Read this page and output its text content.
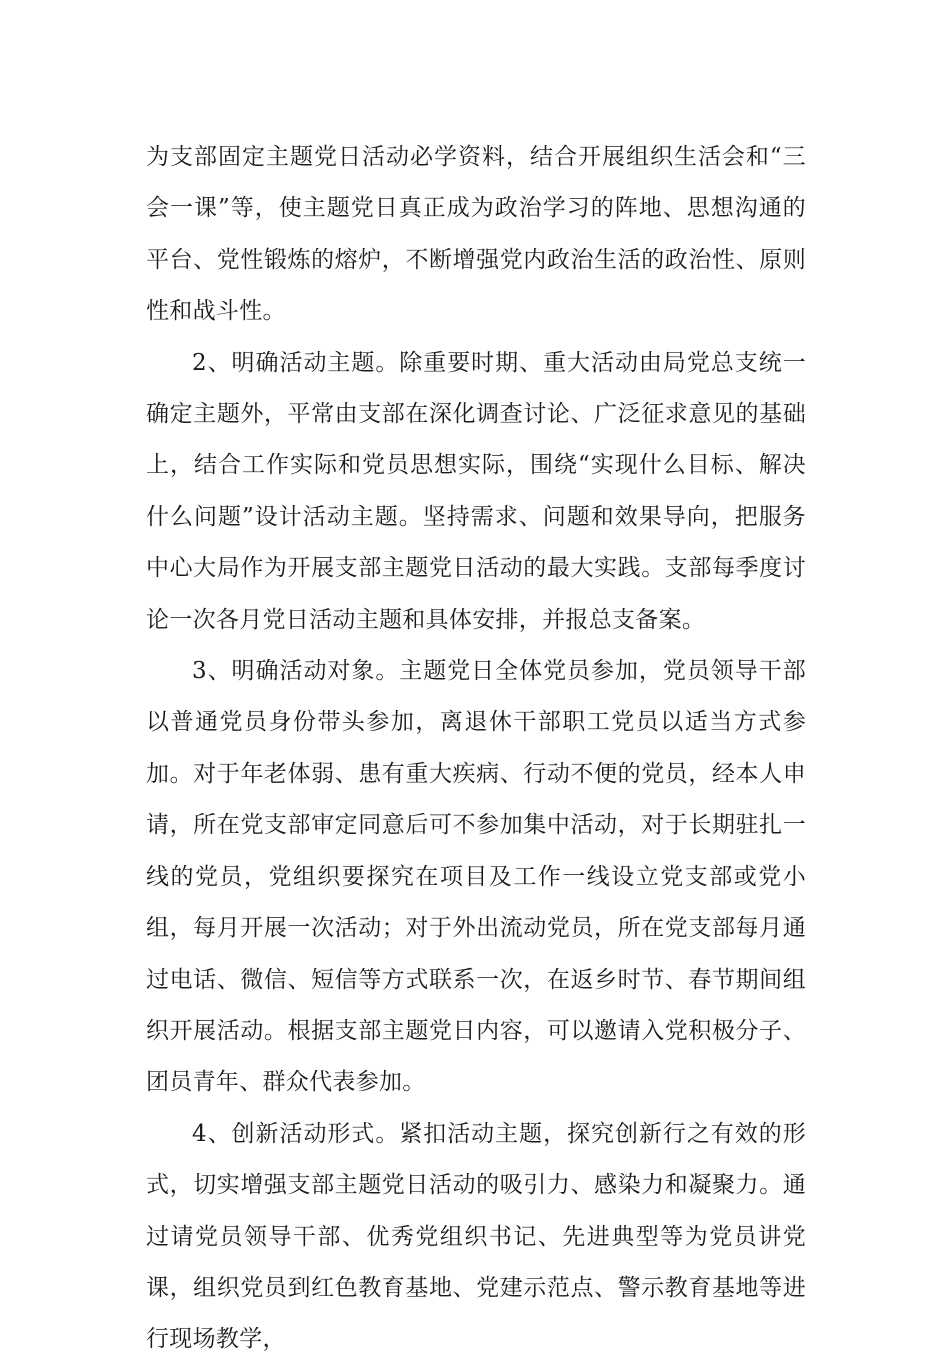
为支部固定主题党日活动必学资料，结合开展组织生活会和“三会一课”等，使主题党日真正成为政治学习的阵地、思想沟通的平台、党性锻炼的熔炉，不断增强党内政治生活的政治性、原则性和战斗性。

2、明确活动主题。除重要时期、重大活动由局党总支统一确定主题外，平常由支部在深化调查讨论、广泛征求意见的基础上，结合工作实际和党员思想实际，围绕“实现什么目标、解决什么问题”设计活动主题。坚持需求、问题和效果导向，把服务中心大局作为开展支部主题党日活动的最大实践。支部每季度讨论一次各月党日活动主题和具体安排，并报总支备案。

3、明确活动对象。主题党日全体党员参加，党员领导干部以普通党员身份带头参加，离退休干部职工党员以适当方式参加。对于年老体弱、患有重大疾病、行动不便的党员，经本人申请，所在党支部审定同意后可不参加集中活动，对于长期驻扎一线的党员，党组织要探究在项目及工作一线设立党支部或党小组，每月开展一次活动；对于外出流动党员，所在党支部每月通过电话、微信、短信等方式联系一次，在返乡时节、春节期间组织开展活动。根据支部主题党日内容，可以邀请入党积极分子、团员青年、群众代表参加。

4、创新活动形式。紧扣活动主题，探究创新行之有效的形式，切实增强支部主题党日活动的吸引力、感染力和凝聚力。通过请党员领导干部、优秀党组织书记、先进典型等为党员讲党课，组织党员到红色教育基地、党建示范点、警示教育基地等进行现场教学，
